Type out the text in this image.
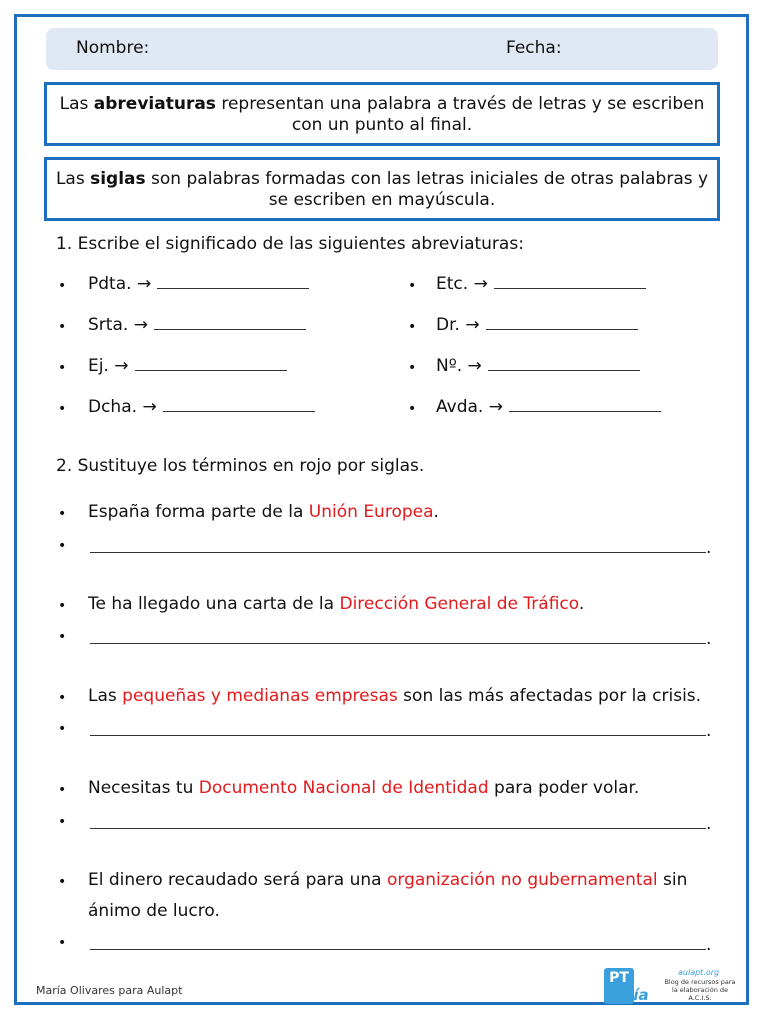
Nombre:	Fecha:
Las abreviaturas representan una palabra a través de letras y se escriben con un punto al final.
Las siglas son palabras formadas con las letras iniciales de otras palabras y se escriben en mayúscula.
1. Escribe el significado de las siguientes abreviaturas:
• Pdta. →
• Srta. →
• Ej. →
• Dcha. →
• Etc. →
• Dr. →
• Nº. →
• Avda. →
2. Sustituye los términos en rojo por siglas.
• España forma parte de la Unión Europea.
•	.
• Te ha llegado una carta de la Dirección General de Tráfico.
•	.
• Las pequeñas y medianas empresas son las más afectadas por la crisis.
•	.
• Necesitas tu Documento Nacional de Identidad para poder volar.
•	.
• El dinero recaudado será para una organización no gubernamental sin
ánimo de lucro.
•	.
María Olivares para Aulapt
PT
guía
aulapt.org
Blog de recursos para la elaboración de A.C.I.S.
